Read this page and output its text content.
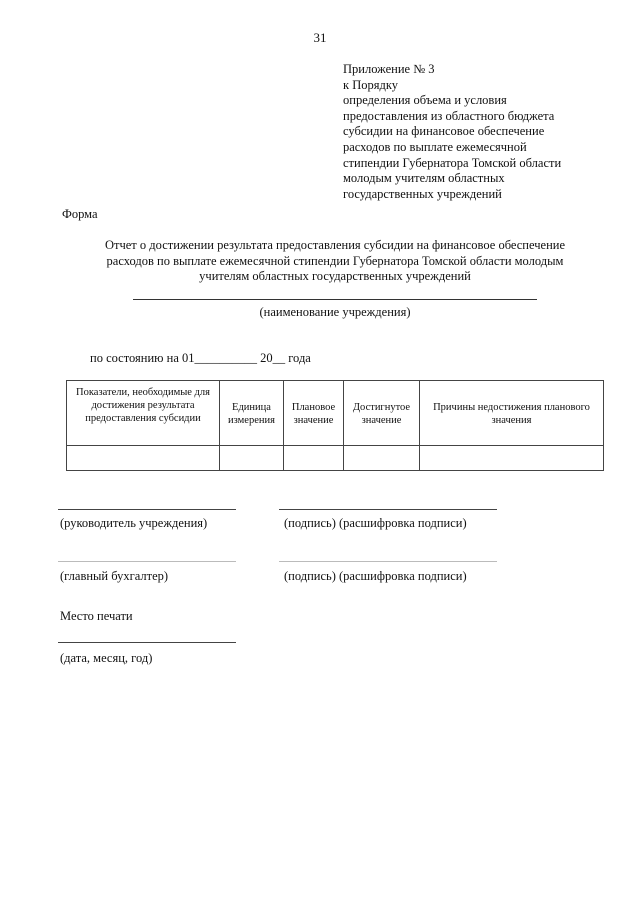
31
Приложение № 3
к Порядку
определения объема и условия
предоставления из областного бюджета
субсидии на финансовое обеспечение
расходов по выплате ежемесячной
стипендии Губернатора Томской области
молодым учителям областных
государственных учреждений
Форма
Отчет о достижении результата предоставления субсидии на финансовое обеспечение
расходов по выплате ежемесячной стипендии Губернатора Томской области молодым
учителям областных государственных учреждений
(наименование учреждения)
по состоянию на 01__________ 20__ года
Показатели, необходимые для достижения результата предоставления субсидии	Единица измерения	Плановое значение	Достигнутое значение	Причины недостижения планового значения

(руководитель учреждения)	(подпись) (расшифровка подписи)
(главный бухгалтер)	(подпись) (расшифровка подписи)
Место печати
(дата, месяц, год)
